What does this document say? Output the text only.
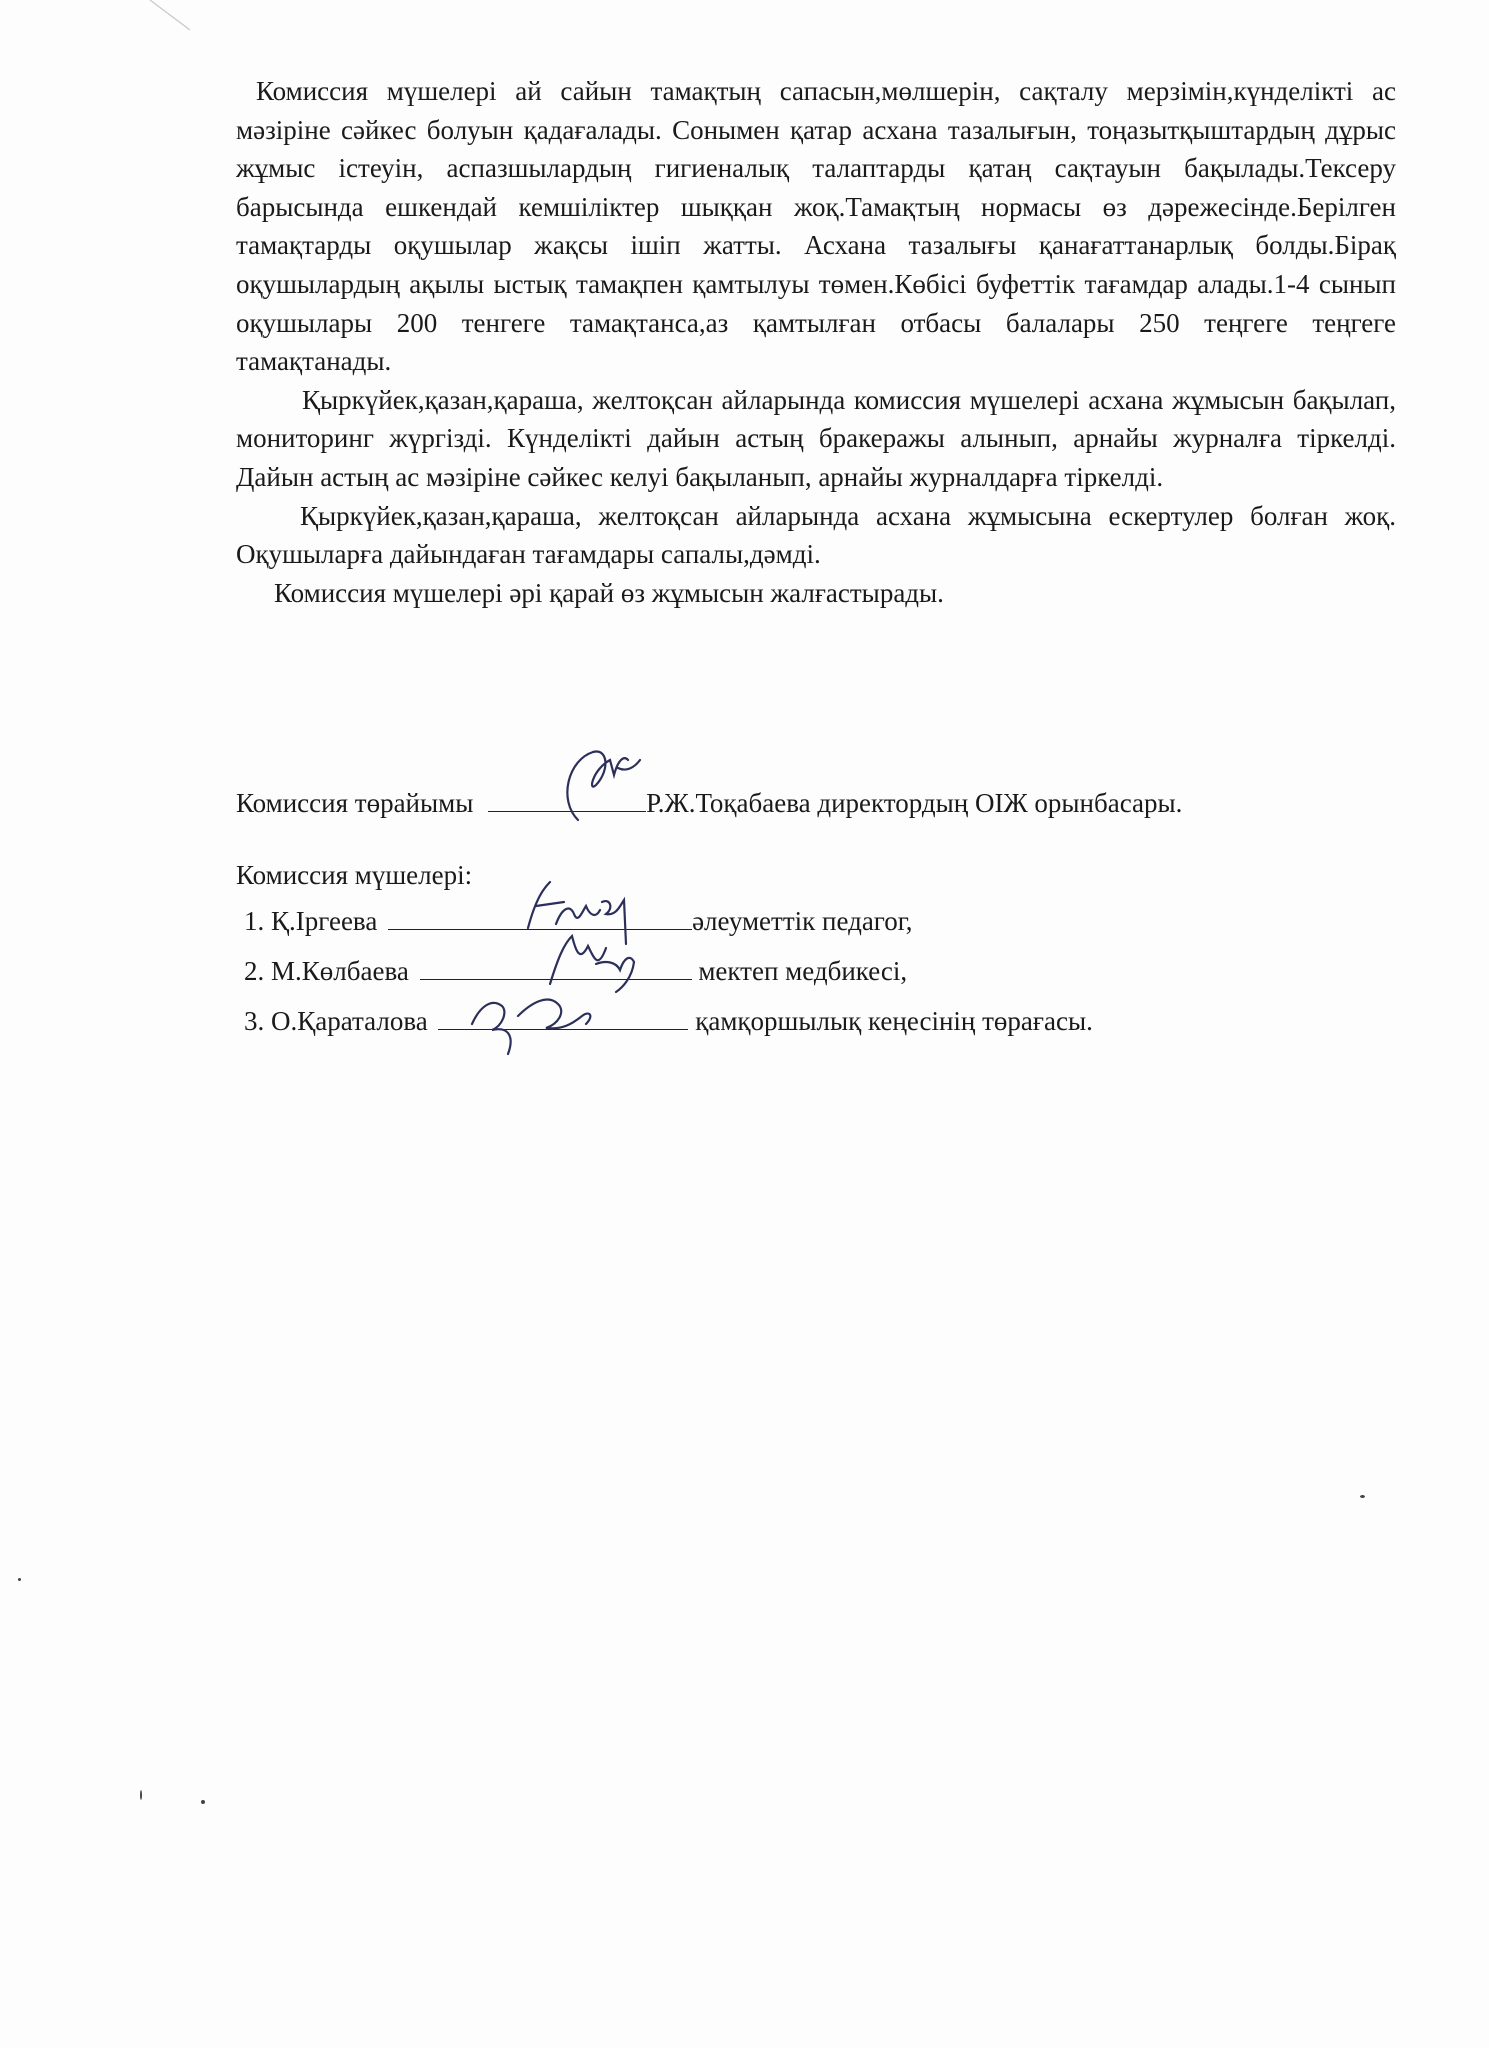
Комиссия мүшелері ай сайын тамақтың сапасын,мөлшерін, сақталу мерзімін,күнделікті ас мәзіріне сәйкес болуын қадағалады. Сонымен қатар асхана тазалығын, тоңазытқыштардың дұрыс жұмыс істеуін, аспазшылардың гигиеналық талаптарды қатаң сақтауын бақылады.Тексеру барысында ешкендай кемшіліктер шыққан жоқ.Тамақтың нормасы өз дәрежесінде.Берілген тамақтарды оқушылар жақсы ішіп жатты. Асхана тазалығы қанағаттанарлық болды.Бірақ оқушылардың ақылы ыстық тамақпен қамтылуы төмен.Көбісі буфеттік тағамдар алады.1-4 сынып оқушылары 200 тенгеге тамақтанса,аз қамтылған отбасы балалары 250 теңгеге теңгеге тамақтанады.

Қыркүйек,қазан,қараша, желтоқсан айларында комиссия мүшелері асхана жұмысын бақылап, мониторинг жүргізді. Күнделікті дайын астың бракеражы алынып, арнайы журналға тіркелді. Дайын астың ас мәзіріне сәйкес келуі бақыланып, арнайы журналдарға тіркелді.

Қыркүйек,қазан,қараша, желтоқсан айларында асхана жұмысына ескертулер болған жоқ. Оқушыларға дайындаған тағамдары сапалы,дәмді.

Комиссия мүшелері әрі қарай өз жұмысын жалғастырады.

Комиссия төрайымы	Р.Ж.Тоқабаева директордың ОІЖ орынбасары.
Комиссия мүшелері:
1. Қ.Іргеева	әлеуметтік педагог,
2. М.Көлбаева	мектеп медбикесі,
3. О.Қараталова	қамқоршылық кеңесінің төрағасы.
